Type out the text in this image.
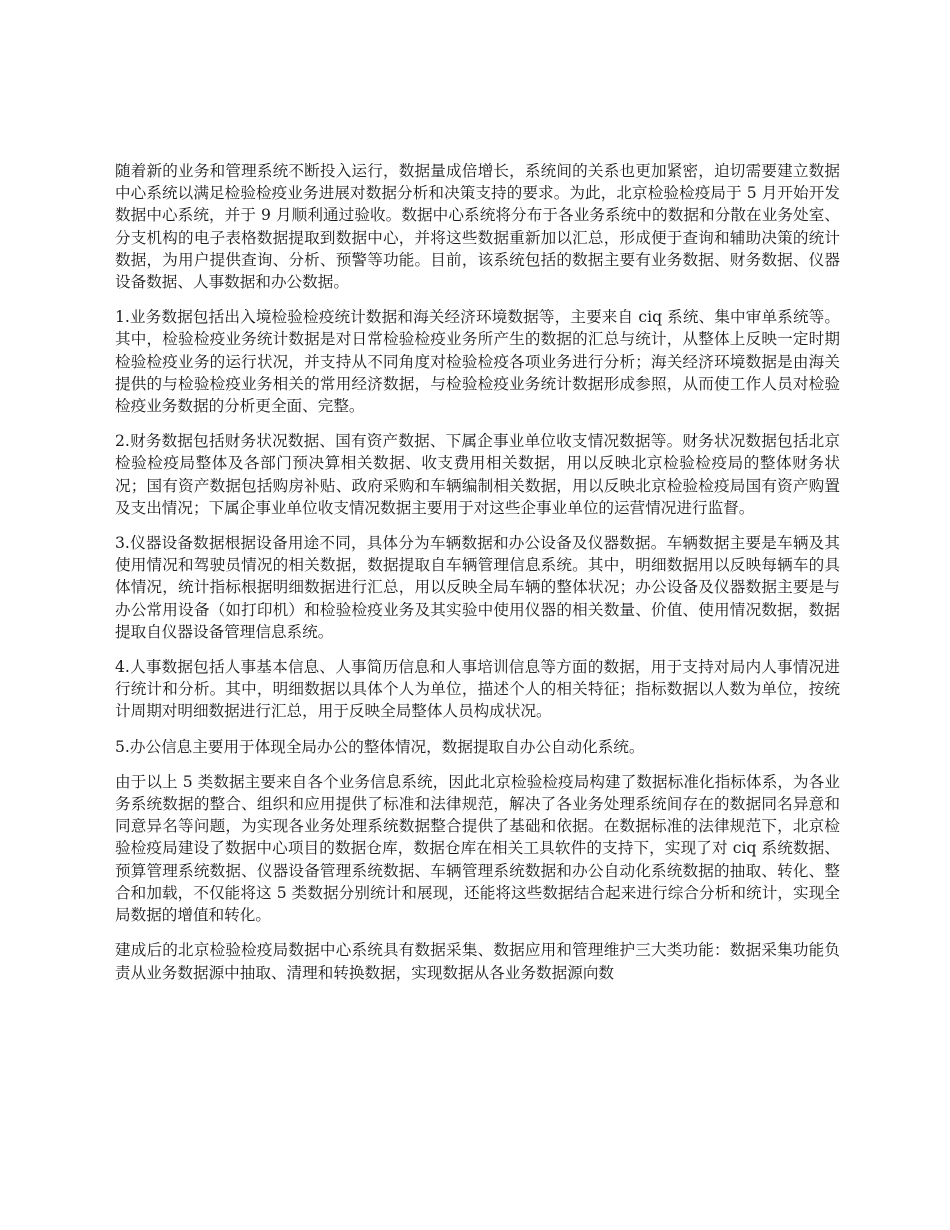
随着新的业务和管理系统不断投入运行，数据量成倍增长，系统间的关系也更加紧密，迫切需要建立数据中心系统以满足检验检疫业务进展对数据分析和决策支持的要求。为此，北京检验检疫局于 5 月开始开发数据中心系统，并于 9 月顺利通过验收。数据中心系统将分布于各业务系统中的数据和分散在业务处室、分支机构的电子表格数据提取到数据中心，并将这些数据重新加以汇总，形成便于查询和辅助决策的统计数据，为用户提供查询、分析、预警等功能。目前，该系统包括的数据主要有业务数据、财务数据、仪器设备数据、人事数据和办公数据。

1.业务数据包括出入境检验检疫统计数据和海关经济环境数据等，主要来自 ciq 系统、集中审单系统等。其中，检验检疫业务统计数据是对日常检验检疫业务所产生的数据的汇总与统计，从整体上反映一定时期检验检疫业务的运行状况，并支持从不同角度对检验检疫各项业务进行分析；海关经济环境数据是由海关提供的与检验检疫业务相关的常用经济数据，与检验检疫业务统计数据形成参照，从而使工作人员对检验检疫业务数据的分析更全面、完整。

2.财务数据包括财务状况数据、国有资产数据、下属企事业单位收支情况数据等。财务状况数据包括北京检验检疫局整体及各部门预决算相关数据、收支费用相关数据，用以反映北京检验检疫局的整体财务状况；国有资产数据包括购房补贴、政府采购和车辆编制相关数据，用以反映北京检验检疫局国有资产购置及支出情况；下属企事业单位收支情况数据主要用于对这些企事业单位的运营情况进行监督。

3.仪器设备数据根据设备用途不同，具体分为车辆数据和办公设备及仪器数据。车辆数据主要是车辆及其使用情况和驾驶员情况的相关数据，数据提取自车辆管理信息系统。其中，明细数据用以反映每辆车的具体情况，统计指标根据明细数据进行汇总，用以反映全局车辆的整体状况；办公设备及仪器数据主要是与办公常用设备（如打印机）和检验检疫业务及其实验中使用仪器的相关数量、价值、使用情况数据，数据提取自仪器设备管理信息系统。

4.人事数据包括人事基本信息、人事简历信息和人事培训信息等方面的数据，用于支持对局内人事情况进行统计和分析。其中，明细数据以具体个人为单位，描述个人的相关特征；指标数据以人数为单位，按统计周期对明细数据进行汇总，用于反映全局整体人员构成状况。

5.办公信息主要用于体现全局办公的整体情况，数据提取自办公自动化系统。

由于以上 5 类数据主要来自各个业务信息系统，因此北京检验检疫局构建了数据标准化指标体系，为各业务系统数据的整合、组织和应用提供了标准和法律规范，解决了各业务处理系统间存在的数据同名异意和同意异名等问题，为实现各业务处理系统数据整合提供了基础和依据。在数据标准的法律规范下，北京检验检疫局建设了数据中心项目的数据仓库，数据仓库在相关工具软件的支持下，实现了对 ciq 系统数据、预算管理系统数据、仪器设备管理系统数据、车辆管理系统数据和办公自动化系统数据的抽取、转化、整合和加载，不仅能将这 5 类数据分别统计和展现，还能将这些数据结合起来进行综合分析和统计，实现全局数据的增值和转化。

建成后的北京检验检疫局数据中心系统具有数据采集、数据应用和管理维护三大类功能：数据采集功能负责从业务数据源中抽取、清理和转换数据，实现数据从各业务数据源向数
